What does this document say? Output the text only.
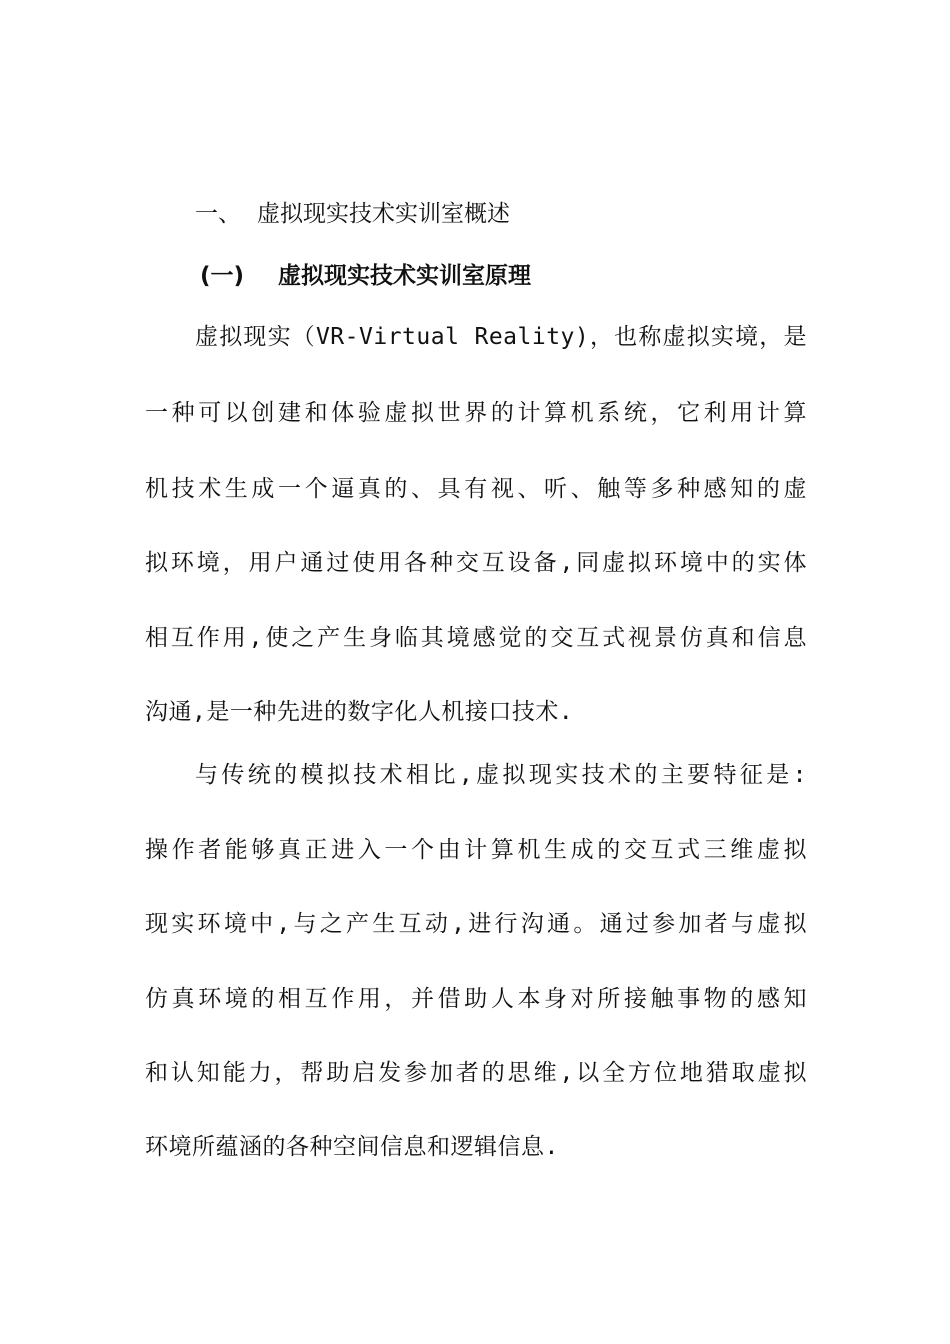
一、 虚拟现实技术实训室概述
(一) 虚拟现实技术实训室原理
虚拟现实（VR-Virtual Reality)，也称虚拟实境，是
一种可以创建和体验虚拟世界的计算机系统，它利用计算
机技术生成一个逼真的、具有视、听、触等多种感知的虚
拟环境，用户通过使用各种交互设备,同虚拟环境中的实体
相互作用,使之产生身临其境感觉的交互式视景仿真和信息
沟通,是一种先进的数字化人机接口技术.
与传统的模拟技术相比,虚拟现实技术的主要特征是:
操作者能够真正进入一个由计算机生成的交互式三维虚拟
现实环境中,与之产生互动,进行沟通。通过参加者与虚拟
仿真环境的相互作用，并借助人本身对所接触事物的感知
和认知能力，帮助启发参加者的思维,以全方位地猎取虚拟
环境所蕴涵的各种空间信息和逻辑信息.
